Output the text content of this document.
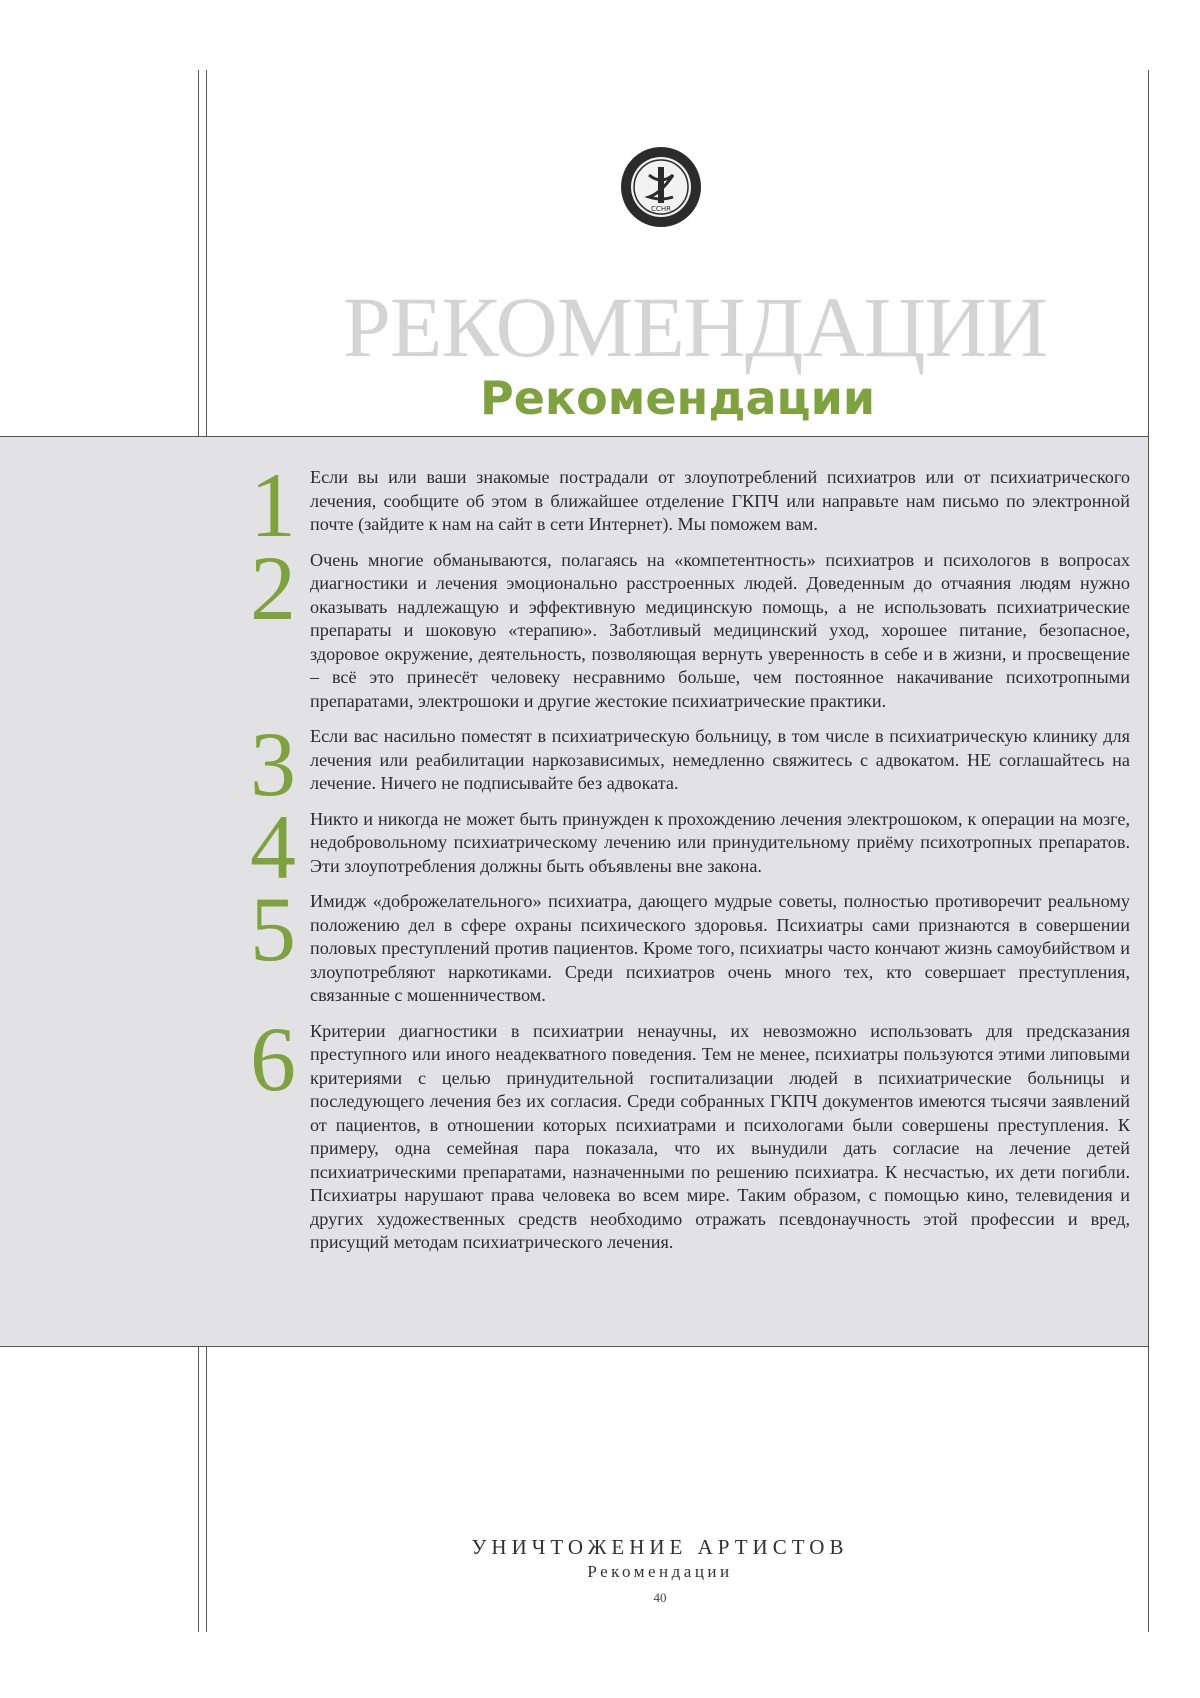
CCHR
РЕКОМЕНДАЦИИ
Рекомендации
1 Если вы или ваши знакомые пострадали от злоупотреблений психиатров или от психиатрического лечения, сообщите об этом в ближайшее отделение ГКПЧ или направьте нам письмо по электронной почте (зайдите к нам на сайт в сети Интернет). Мы поможем вам.

2 Очень многие обманываются, полагаясь на «компетентность» психиатров и психологов в вопросах диагностики и лечения эмоционально расстроенных людей. Доведенным до отчаяния людям нужно оказывать надлежащую и эффективную медицинскую помощь, а не использовать психиатрические препараты и шоковую «терапию». Заботливый медицинский уход, хорошее питание, безопасное, здоровое окружение, деятельность, позволяющая вернуть уверенность в себе и в жизни, и просвещение – всё это принесёт человеку несравнимо больше, чем постоянное накачивание психотропными препаратами, электрошоки и другие жестокие психиатрические практики.

3 Если вас насильно поместят в психиатрическую больницу, в том числе в психиатрическую клинику для лечения или реабилитации наркозависимых, немедленно свяжитесь с адвокатом. НЕ соглашайтесь на лечение. Ничего не подписывайте без адвоката.

4 Никто и никогда не может быть принужден к прохождению лечения электрошоком, к операции на мозге, недобровольному психиатрическому лечению или принудительному приёму психотропных препаратов. Эти злоупотребления должны быть объявлены вне закона.

5 Имидж «доброжелательного» психиатра, дающего мудрые советы, полностью противоречит реальному положению дел в сфере охраны психического здоровья. Психиатры сами признаются в совершении половых преступлений против пациентов. Кроме того, психиатры часто кончают жизнь самоубийством и злоупотребляют наркотиками. Среди психиатров очень много тех, кто совершает преступления, связанные с мошенничеством.

6 Критерии диагностики в психиатрии ненаучны, их невозможно использовать для предсказания преступного или иного неадекватного поведения. Тем не менее, психиатры пользуются этими липовыми критериями с целью принудительной госпитализации людей в психиатрические больницы и последующего лечения без их согласия. Среди собранных ГКПЧ документов имеются тысячи заявлений от пациентов, в отношении которых психиатрами и психологами были совершены преступления. К примеру, одна семейная пара показала, что их вынудили дать согласие на лечение детей психиатрическими препаратами, назначенными по решению психиатра. К несчастью, их дети погибли. Психиатры нарушают права человека во всем мире. Таким образом, с помощью кино, телевидения и других художественных средств необходимо отражать псевдонаучность этой профессии и вред, присущий методам психиатрического лечения.

УНИЧТОЖЕНИЕ АРТИСТОВ
Рекомендации
40
